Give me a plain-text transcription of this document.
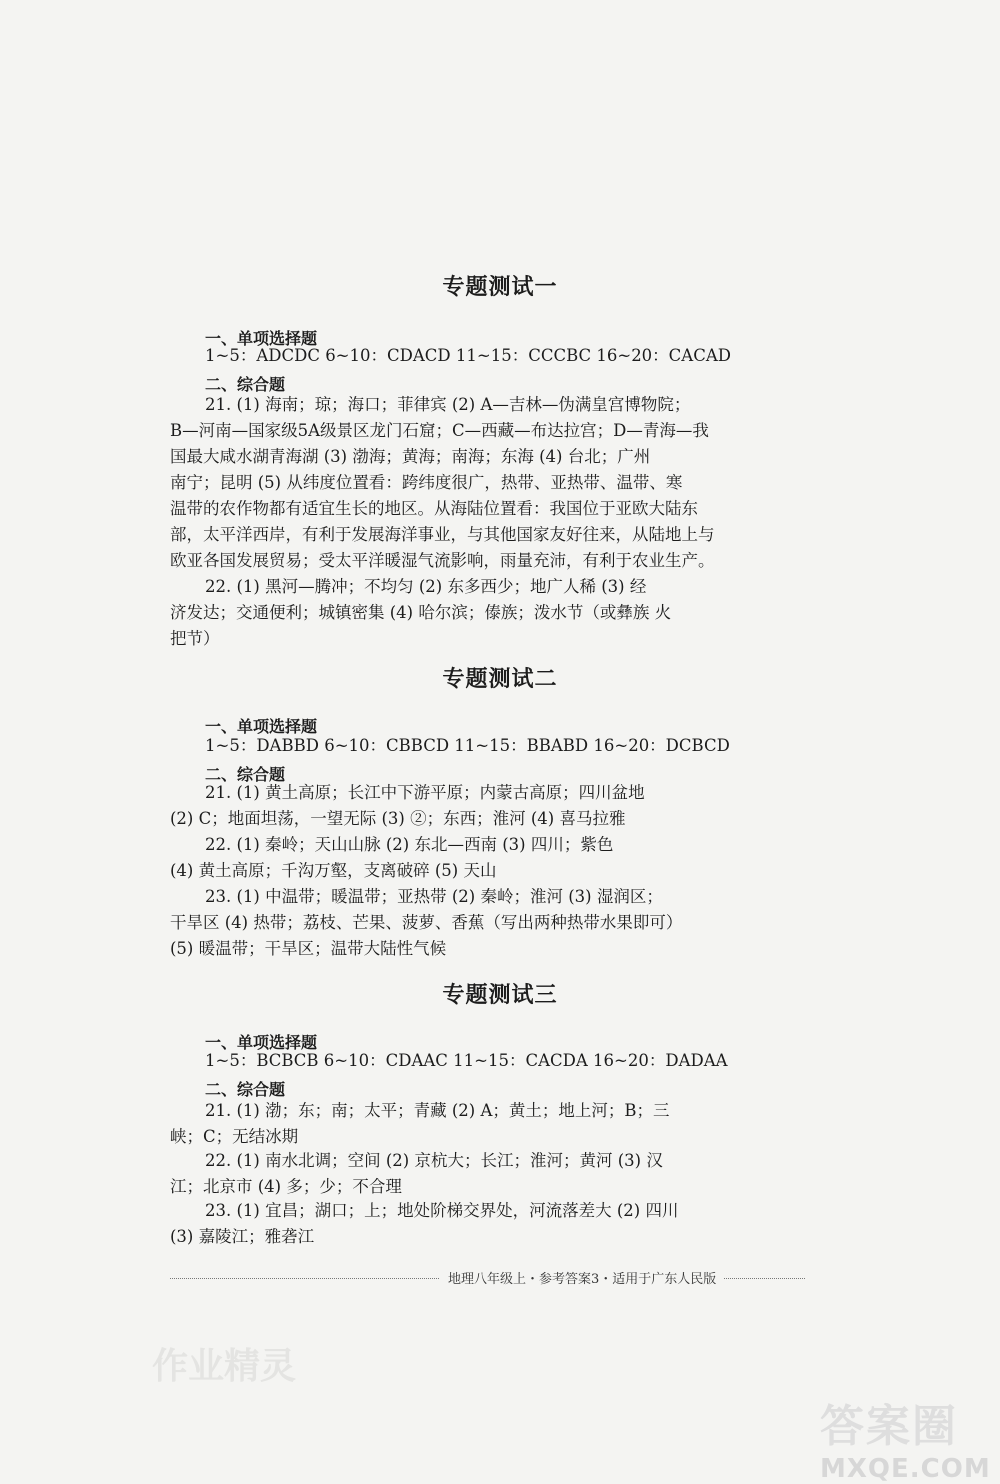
专题测试一
一、单项选择题
1~5：ADCDC 6~10：CDACD 11~15：CCCBC 16~20：CACAD
二、综合题
21. (1) 海南；琼；海口；菲律宾 (2) A—吉林—伪满皇宫博物院；
B—河南—国家级5A级景区龙门石窟；C—西藏—布达拉宫；D—青海—我
国最大咸水湖青海湖 (3) 渤海；黄海；南海；东海 (4) 台北；广州
南宁；昆明 (5) 从纬度位置看：跨纬度很广，热带、亚热带、温带、寒
温带的农作物都有适宜生长的地区。从海陆位置看：我国位于亚欧大陆东
部，太平洋西岸，有利于发展海洋事业，与其他国家友好往来，从陆地上与
欧亚各国发展贸易；受太平洋暖湿气流影响，雨量充沛，有利于农业生产。
22. (1) 黑河—腾冲；不均匀 (2) 东多西少；地广人稀 (3) 经
济发达；交通便利；城镇密集 (4) 哈尔滨；傣族；泼水节（或彝族 火
把节）
专题测试二
一、单项选择题
1~5：DABBD 6~10：CBBCD 11~15：BBABD 16~20：DCBCD
二、综合题
21. (1) 黄土高原；长江中下游平原；内蒙古高原；四川盆地
(2) C；地面坦荡，一望无际 (3) ②；东西；淮河 (4) 喜马拉雅
22. (1) 秦岭；天山山脉 (2) 东北—西南 (3) 四川；紫色
(4) 黄土高原；千沟万壑，支离破碎 (5) 天山
23. (1) 中温带；暖温带；亚热带 (2) 秦岭；淮河 (3) 湿润区；
干旱区 (4) 热带；荔枝、芒果、菠萝、香蕉（写出两种热带水果即可）
(5) 暖温带；干旱区；温带大陆性气候
专题测试三
一、单项选择题
1~5：BCBCB 6~10：CDAAC 11~15：CACDA 16~20：DADAA
二、综合题
21. (1) 渤；东；南；太平；青藏 (2) A；黄土；地上河；B；三
峡；C；无结冰期
22. (1) 南水北调；空间 (2) 京杭大；长江；淮河；黄河 (3) 汉
江；北京市 (4) 多；少；不合理
23. (1) 宜昌；湖口；上；地处阶梯交界处，河流落差大 (2) 四川
(3) 嘉陵江；雅砻江
地理八年级上・参考答案3・适用于广东人民版
作业精灵
答案圈
MXQE.COM
